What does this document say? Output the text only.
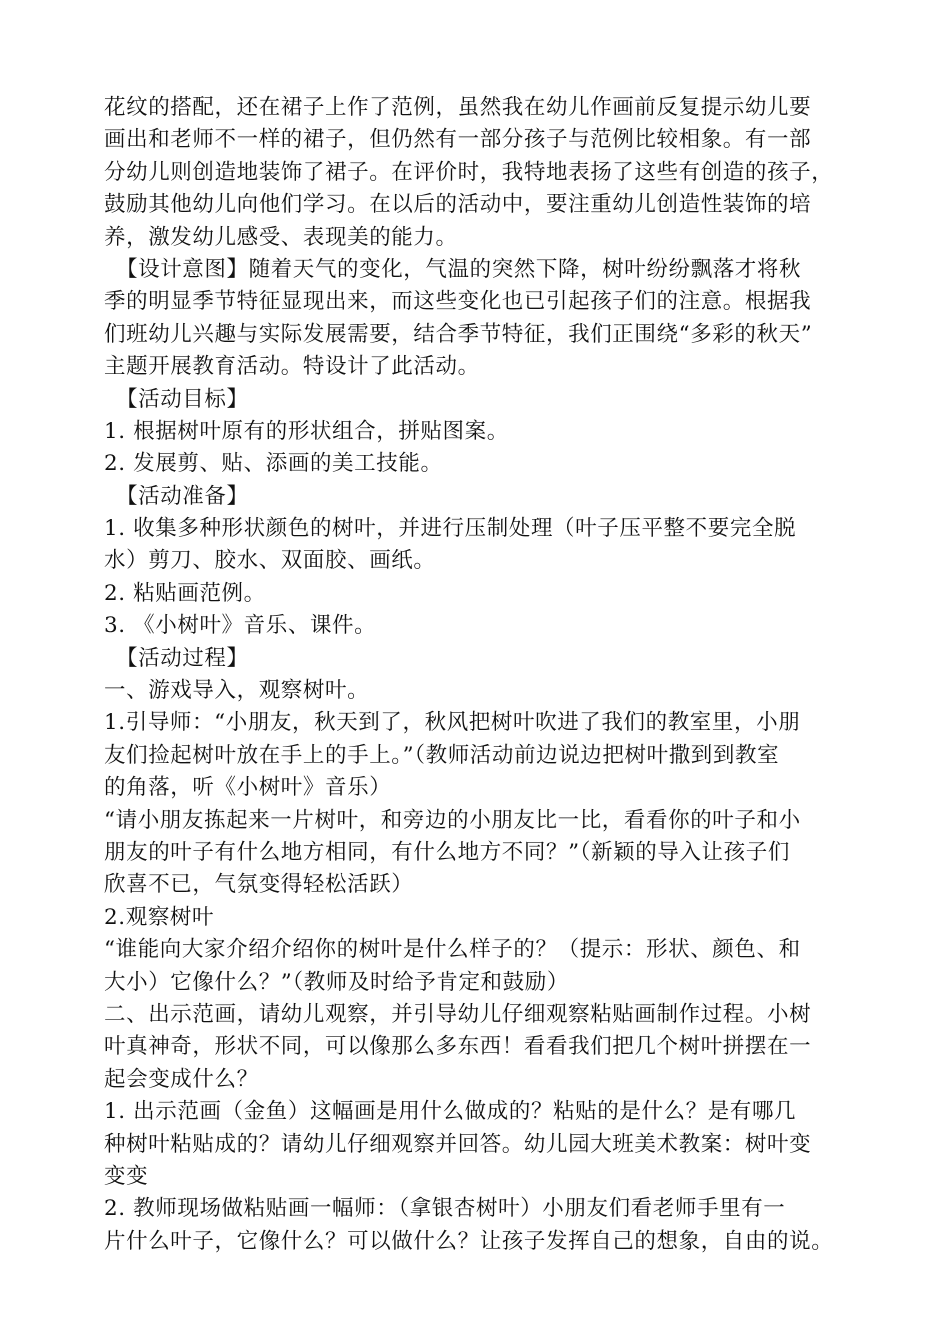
花纹的搭配，还在裙子上作了范例，虽然我在幼儿作画前反复提示幼儿要
画出和老师不一样的裙子，但仍然有一部分孩子与范例比较相象。有一部
分幼儿则创造地装饰了裙子。在评价时，我特地表扬了这些有创造的孩子，
鼓励其他幼儿向他们学习。在以后的活动中，要注重幼儿创造性装饰的培
养，激发幼儿感受、表现美的能力。
【设计意图】随着天气的变化，气温的突然下降，树叶纷纷飘落才将秋
季的明显季节特征显现出来，而这些变化也已引起孩子们的注意。根据我
们班幼儿兴趣与实际发展需要，结合季节特征，我们正围绕“多彩的秋天”
主题开展教育活动。特设计了此活动。
【活动目标】
1. 根据树叶原有的形状组合，拼贴图案。
2. 发展剪、贴、添画的美工技能。
【活动准备】
1. 收集多种形状颜色的树叶，并进行压制处理（叶子压平整不要完全脱
水）剪刀、胶水、双面胶、画纸。
2. 粘贴画范例。
3. 《小树叶》音乐、课件。
【活动过程】
一、游戏导入，观察树叶。
1.引导师：“小朋友，秋天到了，秋风把树叶吹进了我们的教室里，小朋
友们捡起树叶放在手上的手上。”（教师活动前边说边把树叶撒到到教室
的角落，听《小树叶》音乐）
“请小朋友拣起来一片树叶，和旁边的小朋友比一比，看看你的叶子和小
朋友的叶子有什么地方相同，有什么地方不同？”（新颖的导入让孩子们
欣喜不已，气氛变得轻松活跃）
2.观察树叶
“谁能向大家介绍介绍你的树叶是什么样子的？（提示：形状、颜色、和
大小）它像什么？”（教师及时给予肯定和鼓励）
二、出示范画，请幼儿观察，并引导幼儿仔细观察粘贴画制作过程。小树
叶真神奇，形状不同，可以像那么多东西！看看我们把几个树叶拼摆在一
起会变成什么？
1. 出示范画（金鱼）这幅画是用什么做成的？粘贴的是什么？是有哪几
种树叶粘贴成的？请幼儿仔细观察并回答。幼儿园大班美术教案：树叶变
变变
2. 教师现场做粘贴画一幅师：（拿银杏树叶）小朋友们看老师手里有一
片什么叶子，它像什么？可以做什么？让孩子发挥自己的想象，自由的说。
